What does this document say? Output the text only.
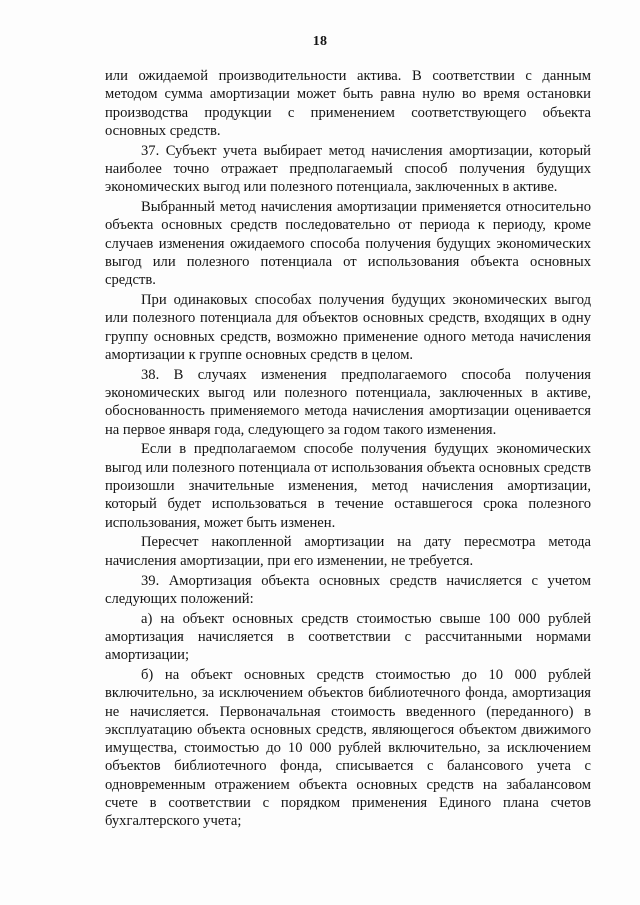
18

или ожидаемой производительности актива. В соответствии с данным методом сумма амортизации может быть равна нулю во время остановки производства продукции с применением соответствующего объекта основных средств.

37. Субъект учета выбирает метод начисления амортизации, который наиболее точно отражает предполагаемый способ получения будущих экономических выгод или полезного потенциала, заключенных в активе.

Выбранный метод начисления амортизации применяется относительно объекта основных средств последовательно от периода к периоду, кроме случаев изменения ожидаемого способа получения будущих экономических выгод или полезного потенциала от использования объекта основных средств.

При одинаковых способах получения будущих экономических выгод или полезного потенциала для объектов основных средств, входящих в одну группу основных средств, возможно применение одного метода начисления амортизации к группе основных средств в целом.

38. В случаях изменения предполагаемого способа получения экономических выгод или полезного потенциала, заключенных в активе, обоснованность применяемого метода начисления амортизации оценивается на первое января года, следующего за годом такого изменения.

Если в предполагаемом способе получения будущих экономических выгод или полезного потенциала от использования объекта основных средств произошли значительные изменения, метод начисления амортизации, который будет использоваться в течение оставшегося срока полезного использования, может быть изменен.

Пересчет накопленной амортизации на дату пересмотра метода начисления амортизации, при его изменении, не требуется.

39. Амортизация объекта основных средств начисляется с учетом следующих положений:

а) на объект основных средств стоимостью свыше 100 000 рублей амортизация начисляется в соответствии с рассчитанными нормами амортизации;

б) на объект основных средств стоимостью до 10 000 рублей включительно, за исключением объектов библиотечного фонда, амортизация не начисляется. Первоначальная стоимость введенного (переданного) в эксплуатацию объекта основных средств, являющегося объектом движимого имущества, стоимостью до 10 000 рублей включительно, за исключением объектов библиотечного фонда, списывается с балансового учета с одновременным отражением объекта основных средств на забалансовом счете в соответствии с порядком применения Единого плана счетов бухгалтерского учета;
